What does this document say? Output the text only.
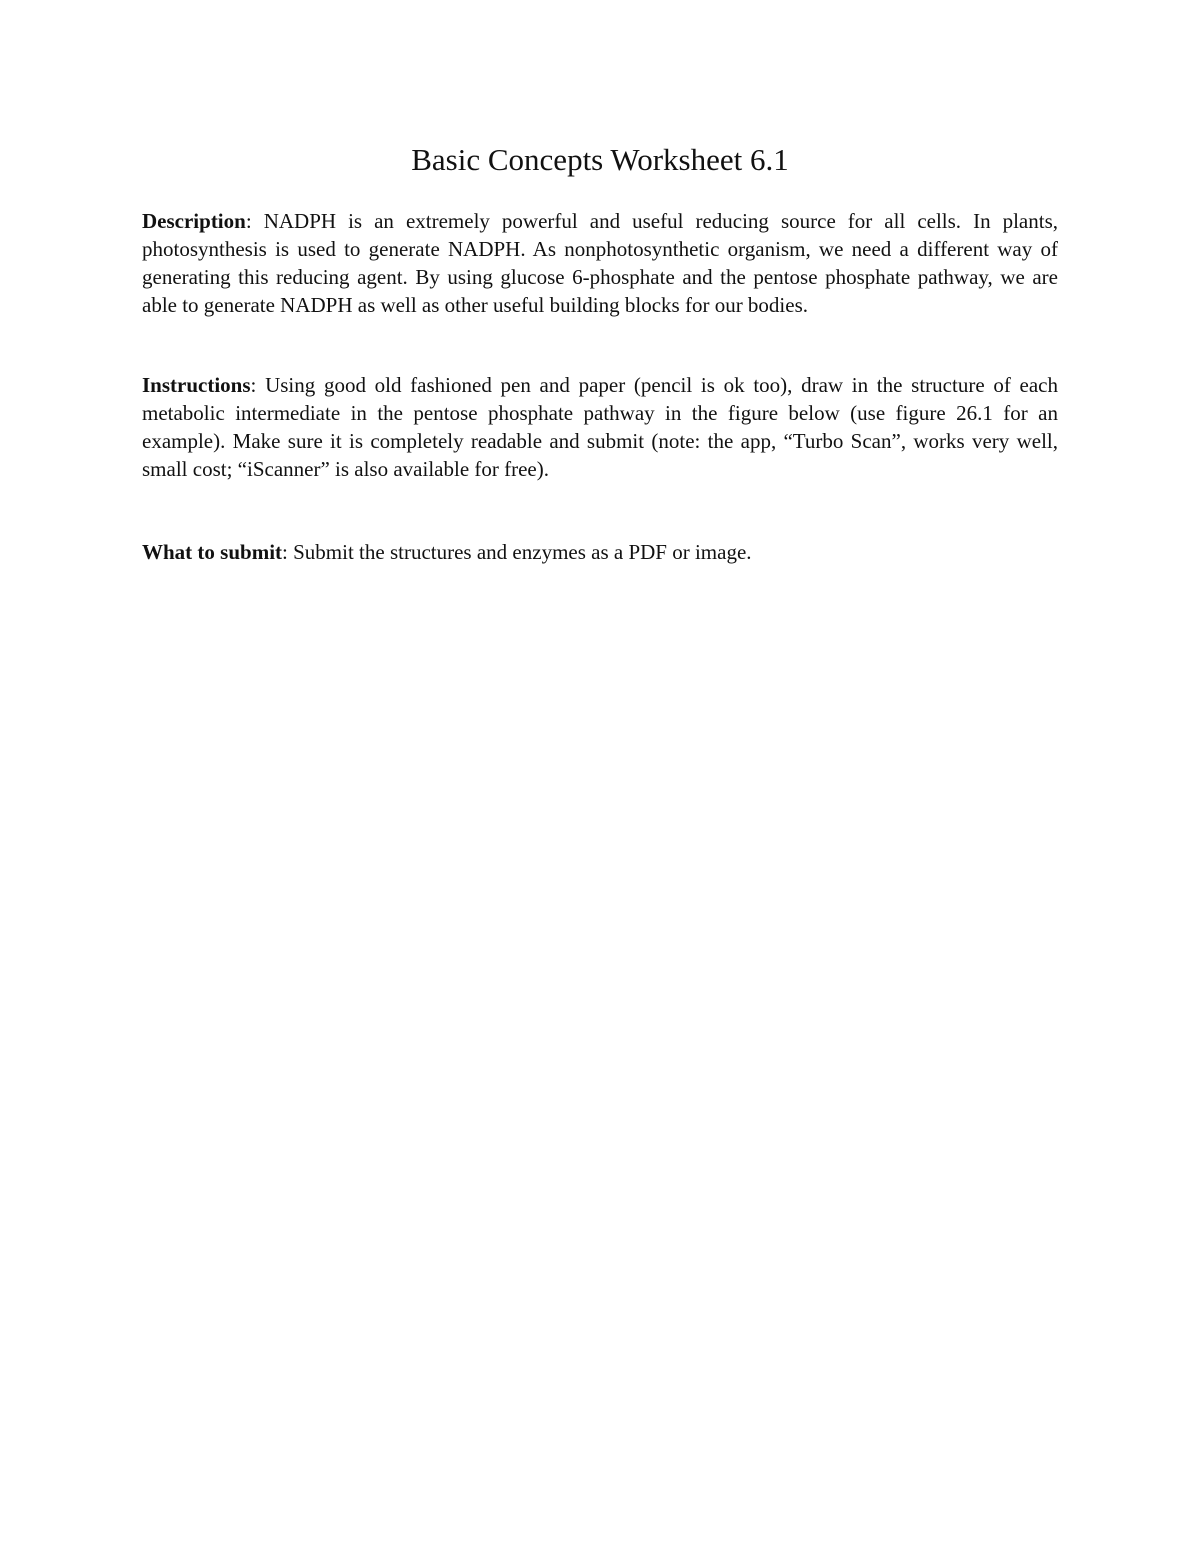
Basic Concepts Worksheet 6.1

Description: NADPH is an extremely powerful and useful reducing source for all cells. In plants, photosynthesis is used to generate NADPH. As nonphotosynthetic organism, we need a different way of generating this reducing agent. By using glucose 6-phosphate and the pentose phosphate pathway, we are able to generate NADPH as well as other useful building blocks for our bodies.

Instructions: Using good old fashioned pen and paper (pencil is ok too), draw in the structure of each metabolic intermediate in the pentose phosphate pathway in the figure below (use figure 26.1 for an example). Make sure it is completely readable and submit (note: the app, “Turbo Scan”, works very well, small cost; “iScanner” is also available for free).

What to submit: Submit the structures and enzymes as a PDF or image.
